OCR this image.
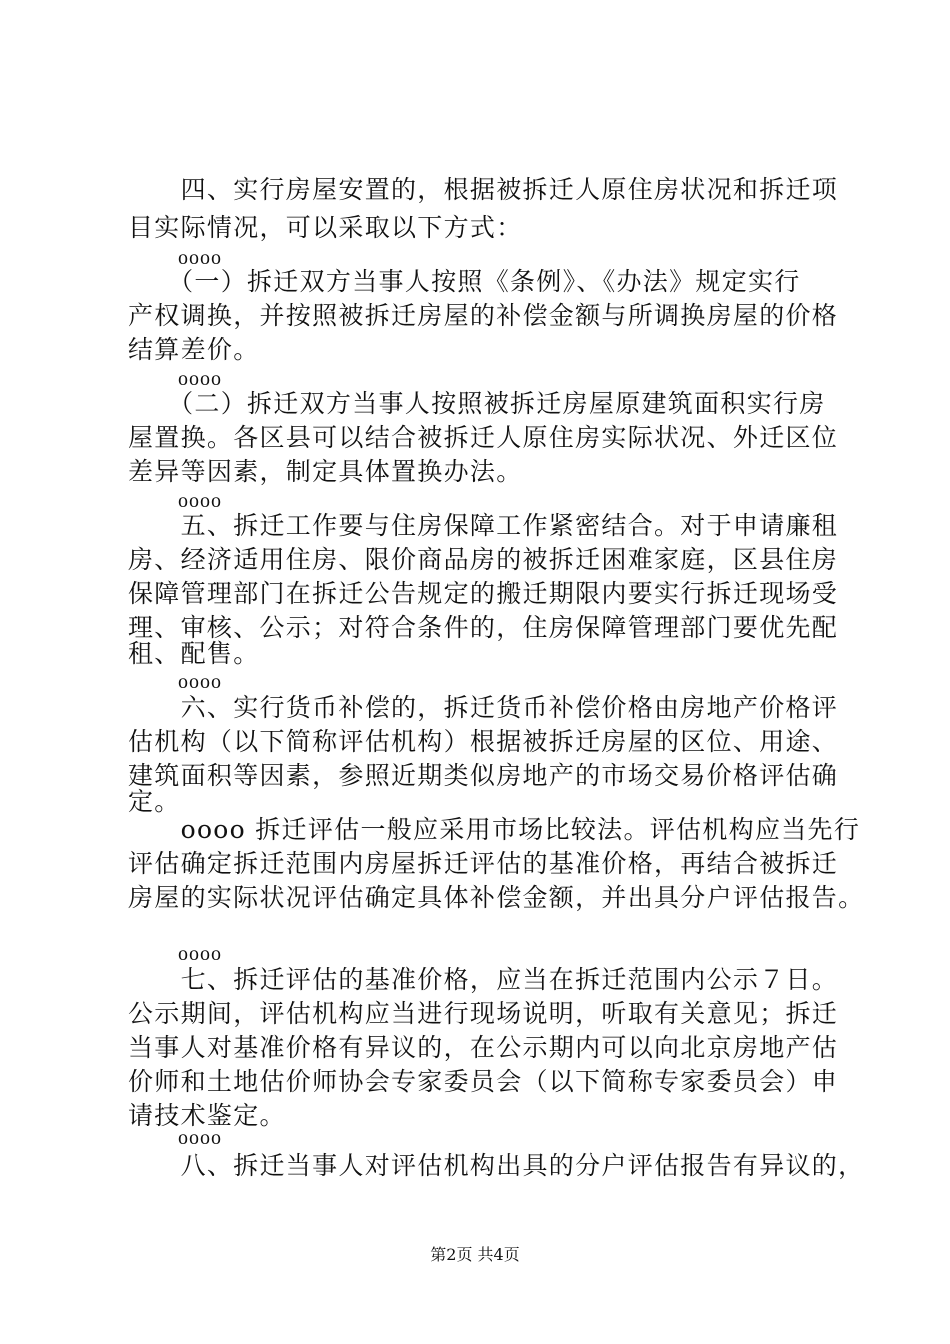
　　四、实行房屋安置的，根据被拆迁人原住房状况和拆迁项
目实际情况，可以采取以下方式：
oooo
　　（一）拆迁双方当事人按照《条例》、《办法》规定实行
产权调换，并按照被拆迁房屋的补偿金额与所调换房屋的价格
结算差价。
oooo
　　（二）拆迁双方当事人按照被拆迁房屋原建筑面积实行房
屋置换。各区县可以结合被拆迁人原住房实际状况、外迁区位
差异等因素，制定具体置换办法。
oooo
　　五、拆迁工作要与住房保障工作紧密结合。对于申请廉租
房、经济适用住房、限价商品房的被拆迁困难家庭，区县住房
保障管理部门在拆迁公告规定的搬迁期限内要实行拆迁现场受
理、审核、公示；对符合条件的，住房保障管理部门要优先配
租、配售。
oooo
　　六、实行货币补偿的，拆迁货币补偿价格由房地产价格评
估机构（以下简称评估机构）根据被拆迁房屋的区位、用途、
建筑面积等因素，参照近期类似房地产的市场交易价格评估确
定。
　　oooo 拆迁评估一般应采用市场比较法。评估机构应当先行
评估确定拆迁范围内房屋拆迁评估的基准价格，再结合被拆迁
房屋的实际状况评估确定具体补偿金额，并出具分户评估报告。
oooo
　　七、拆迁评估的基准价格，应当在拆迁范围内公示７日。
公示期间，评估机构应当进行现场说明，听取有关意见；拆迁
当事人对基准价格有异议的，在公示期内可以向北京房地产估
价师和土地估价师协会专家委员会（以下简称专家委员会）申
请技术鉴定。
oooo
　　八、拆迁当事人对评估机构出具的分户评估报告有异议的，
第2页 共4页
